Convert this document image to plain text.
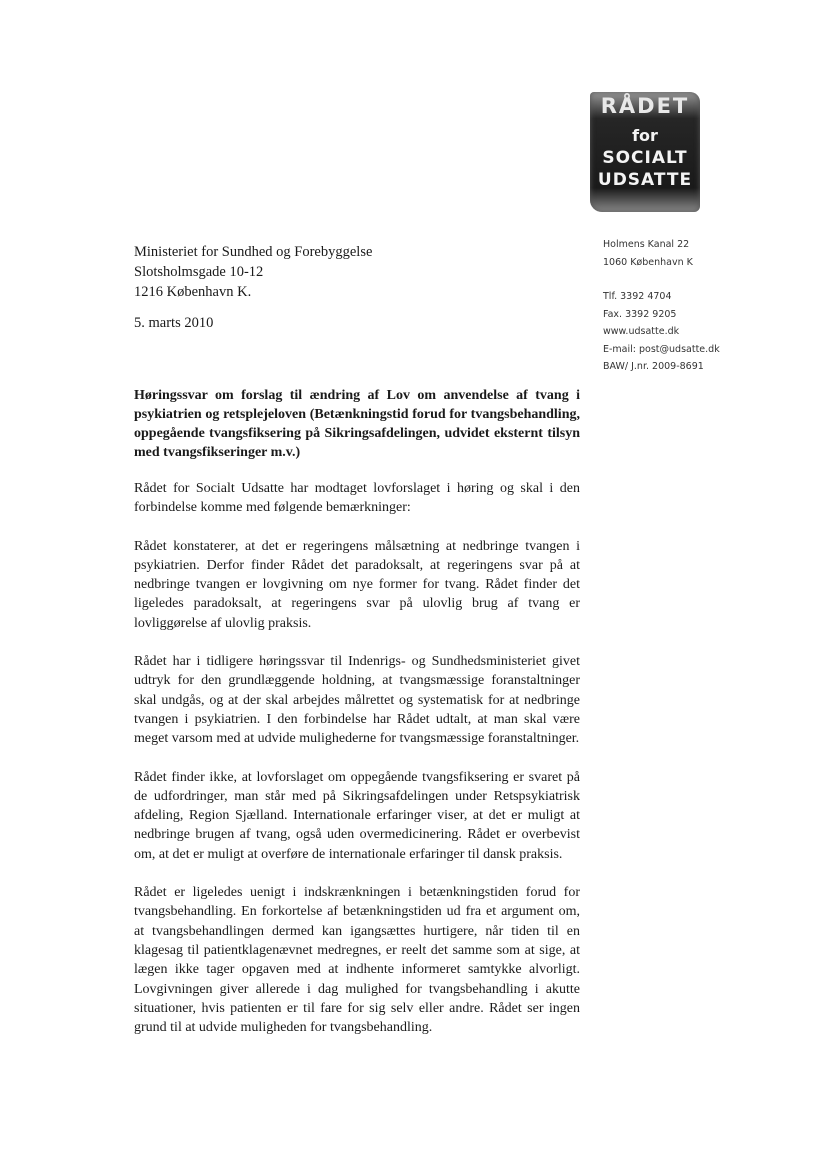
RÅDET
for
SOCIALT
UDSATTE
Holmens Kanal 22
1060 København K
Tlf. 3392 4704
Fax. 3392 9205
www.udsatte.dk
E-mail: post@udsatte.dk
BAW/ J.nr. 2009-8691
Ministeriet for Sundhed og Forebyggelse
Slotsholmsgade 10-12
1216 København K.
5. marts 2010
Høringssvar om forslag til ændring af Lov om anvendelse af tvang i psykiatrien og retsplejeloven (Betænkningstid forud for tvangsbehandling, oppegående tvangsfiksering på Sikringsafdelingen, udvidet eksternt tilsyn med tvangsfikseringer m.v.)

Rådet for Socialt Udsatte har modtaget lovforslaget i høring og skal i den forbindelse komme med følgende bemærkninger:

Rådet konstaterer, at det er regeringens målsætning at nedbringe tvangen i psykiatrien. Derfor finder Rådet det paradoksalt, at regeringens svar på at nedbringe tvangen er lovgivning om nye former for tvang. Rådet finder det ligeledes paradoksalt, at regeringens svar på ulovlig brug af tvang er lovliggørelse af ulovlig praksis.

Rådet har i tidligere høringssvar til Indenrigs- og Sundhedsministeriet givet udtryk for den grundlæggende holdning, at tvangsmæssige foranstaltninger skal undgås, og at der skal arbejdes målrettet og systematisk for at nedbringe tvangen i psykiatrien. I den forbindelse har Rådet udtalt, at man skal være meget varsom med at udvide mulighederne for tvangsmæssige foranstaltninger.

Rådet finder ikke, at lovforslaget om oppegående tvangsfiksering er svaret på de udfordringer, man står med på Sikringsafdelingen under Retspsykiatrisk afdeling, Region Sjælland. Internationale erfaringer viser, at det er muligt at nedbringe brugen af tvang, også uden overmedicinering. Rådet er overbevist om, at det er muligt at overføre de internationale erfaringer til dansk praksis.

Rådet er ligeledes uenigt i indskrænkningen i betænkningstiden forud for tvangsbehandling. En forkortelse af betænkningstiden ud fra et argument om, at tvangsbehandlingen dermed kan igangsættes hurtigere, når tiden til en klagesag til patientklagenævnet medregnes, er reelt det samme som at sige, at lægen ikke tager opgaven med at indhente informeret samtykke alvorligt. Lovgivningen giver allerede i dag mulighed for tvangsbehandling i akutte situationer, hvis patienten er til fare for sig selv eller andre. Rådet ser ingen grund til at udvide muligheden for tvangsbehandling.
